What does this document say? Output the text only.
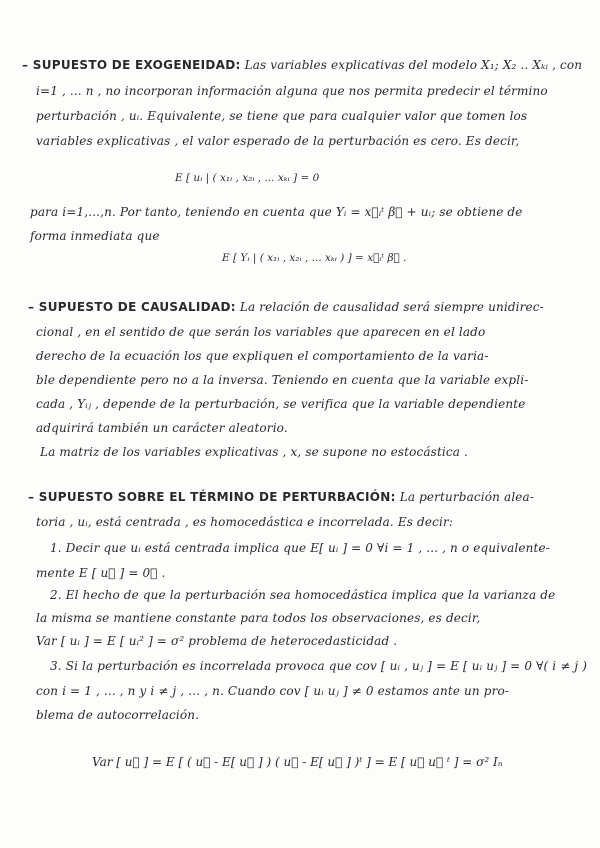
– SUPUESTO DE EXOGENEIDAD: Las variables explicativas del modelo X₁; X₂ .. Xₖᵢ , con
i=1 , ... n , no incorporan información alguna que nos permita predecir el término
perturbación , uᵢ. Equivalente, se tiene que para cualquier valor que tomen los
variables explicativas , el valor esperado de la perturbación es cero. Es decir,
E [ uᵢ | ( x₁ᵢ , x₂ᵢ , ... xₖᵢ ] = 0
para i=1,...,n. Por tanto, teniendo en cuenta que Yᵢ = x⃗ᵢᵗ β⃗ + uᵢ; se obtiene de
forma inmediata que
E [ Yᵢ | ( x₁ᵢ , x₂ᵢ , ... xₖᵢ ) ] = x⃗ᵢᵗ β⃗ .
– SUPUESTO DE CAUSALIDAD: La relación de causalidad será siempre unidirec-
cional , en el sentido de que serán los variables que aparecen en el lado
derecho de la ecuación los que expliquen el comportamiento de la varia-
ble dependiente pero no a la inversa. Teniendo en cuenta que la variable expli-
cada , Yᵢⱼ , depende de la perturbación, se verifica que la variable dependiente
adquirirá también un carácter aleatorio.
La matriz de los variables explicativas , x, se supone no estocástica .
– SUPUESTO SOBRE EL TÉRMINO DE PERTURBACIÓN: La perturbación alea-
toria , uᵢ, está centrada , es homocedástica e incorrelada. Es decir:
1. Decir que uᵢ está centrada implica que E[ uᵢ ] = 0 ∀i = 1 , ... , n o equivalente-
mente E [ u⃗ ] = 0⃗ .
2. El hecho de que la perturbación sea homocedástica implica que la varianza de
la misma se mantiene constante para todos los observaciones, es decir,
Var [ uᵢ ] = E [ uᵢ² ] = σ² problema de heterocedasticidad .
3. Si la perturbación es incorrelada provoca que cov [ uᵢ , uⱼ ] = E [ uᵢ uⱼ ] = 0 ∀( i ≠ j )
con i = 1 , ... , n y i ≠ j , ... , n. Cuando cov [ uᵢ uⱼ ] ≠ 0 estamos ante un pro-
blema de autocorrelación.
Var [ u⃗ ] = E [ ( u⃗ - E[ u⃗ ] ) ( u⃗ - E[ u⃗ ] )ᵗ ] = E [ u⃗ u⃗ ᵗ ] = σ² Iₙ
